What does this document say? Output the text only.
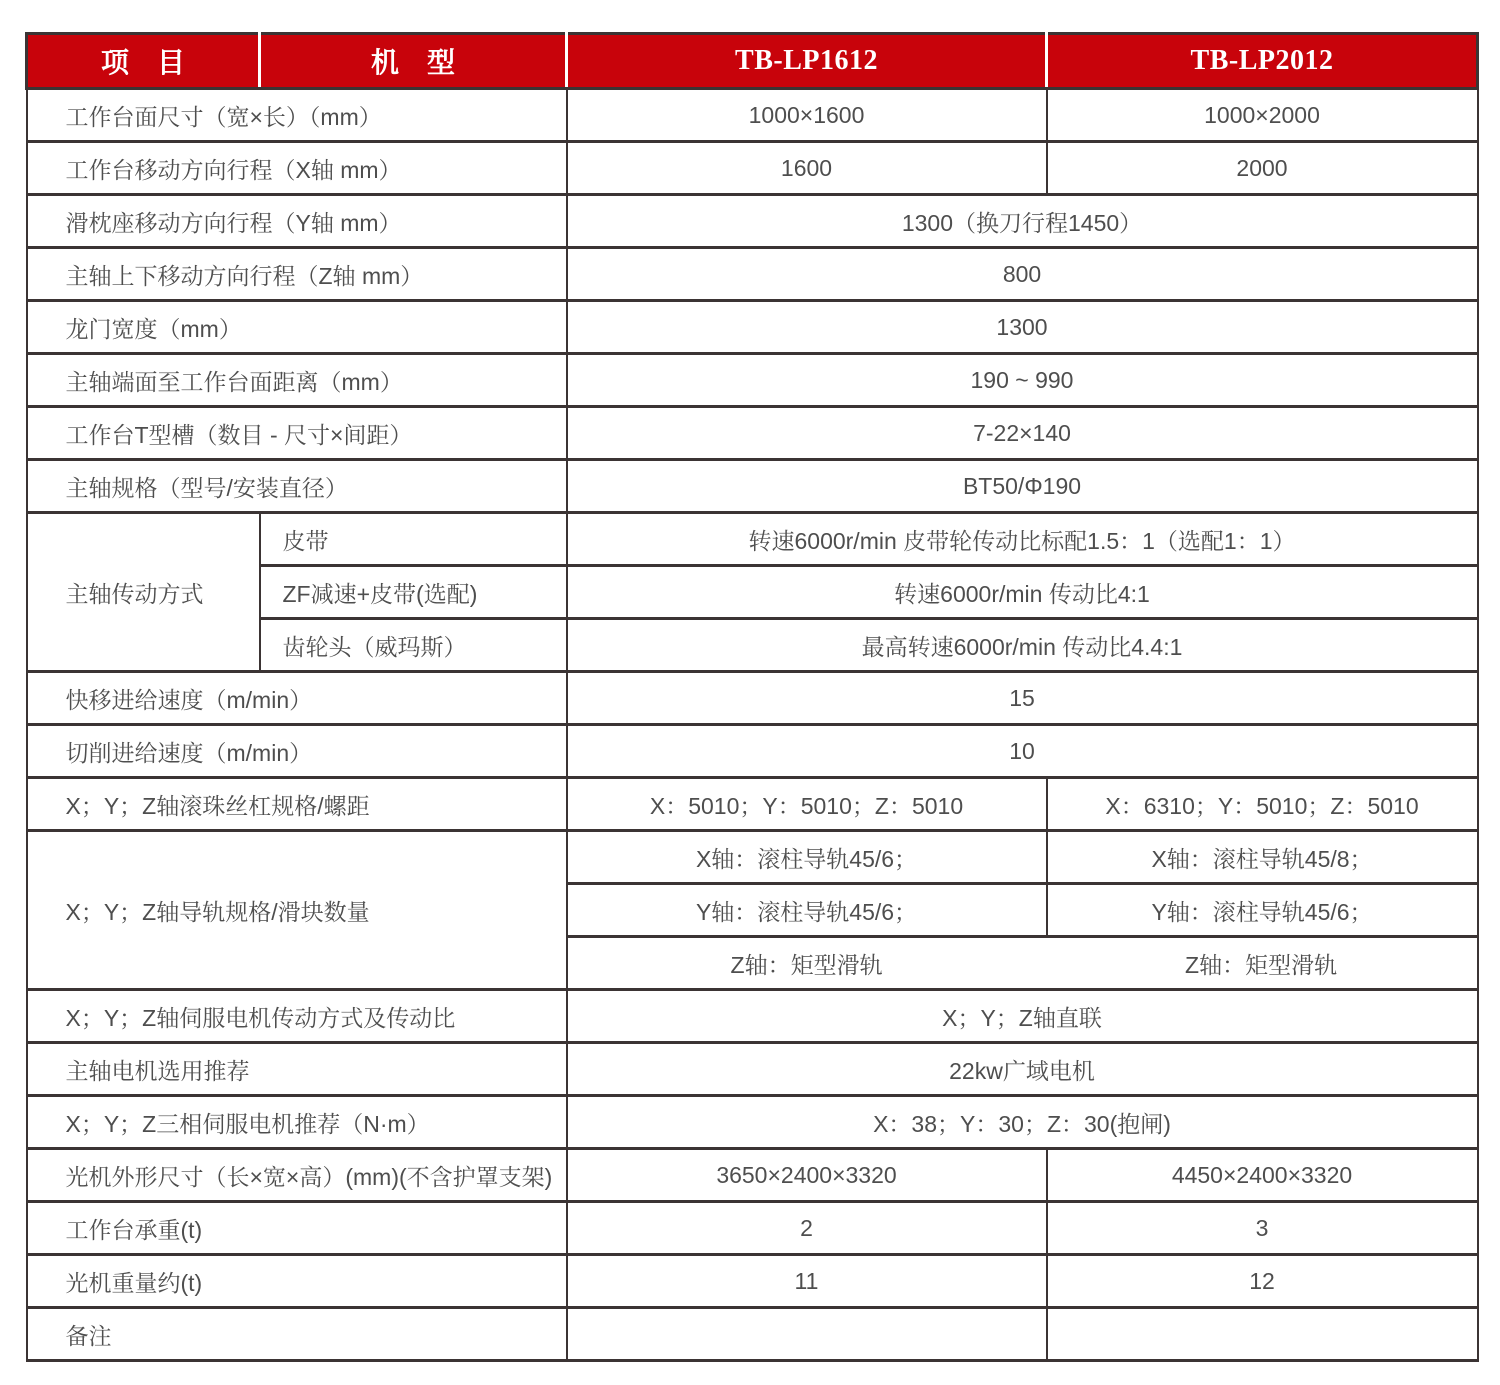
项　目	机　型	TB-LP1612	TB-LP2012
工作台面尺寸（宽×长）（mm）		1000×1600	1000×2000
工作台移动方向行程（X轴 mm）		1600	2000
滑枕座移动方向行程（Y轴 mm）		1300（换刀行程1450）	
主轴上下移动方向行程（Z轴 mm）		800	
龙门宽度（mm）		1300	
主轴端面至工作台面距离（mm）		190 ~ 990	
工作台T型槽（数目 - 尺寸×间距）		7-22×140	
主轴规格（型号/安装直径）		BT50/Φ190	
主轴传动方式	皮带	转速6000r/min 皮带轮传动比标配1.5：1（选配1：1）	
	ZF减速+皮带(选配)	转速6000r/min 传动比4:1	
	齿轮头（威玛斯）	最高转速6000r/min 传动比4.4:1	
快移进给速度（m/min）		15	
切削进给速度（m/min）		10	
X；Y；Z轴滚珠丝杠规格/螺距		X：5010；Y：5010；Z：5010	X：6310；Y：5010；Z：5010
X；Y；Z轴导轨规格/滑块数量		X轴：滚柱导轨45/6；	X轴：滚柱导轨45/8；
		Y轴：滚柱导轨45/6；	Y轴：滚柱导轨45/6；

		Z轴：矩型滑轨 Z轴：矩型滑轨	

X；Y；Z轴伺服电机传动方式及传动比		X；Y；Z轴直联	
主轴电机选用推荐		22kw广域电机	
X；Y；Z三相伺服电机推荐（N·m）		X：38；Y：30；Z：30(抱闸)	
光机外形尺寸（长×宽×高）(mm)(不含护罩支架)		3650×2400×3320	4450×2400×3320
工作台承重(t)		2	3
光机重量约(t)		11	12
备注			
